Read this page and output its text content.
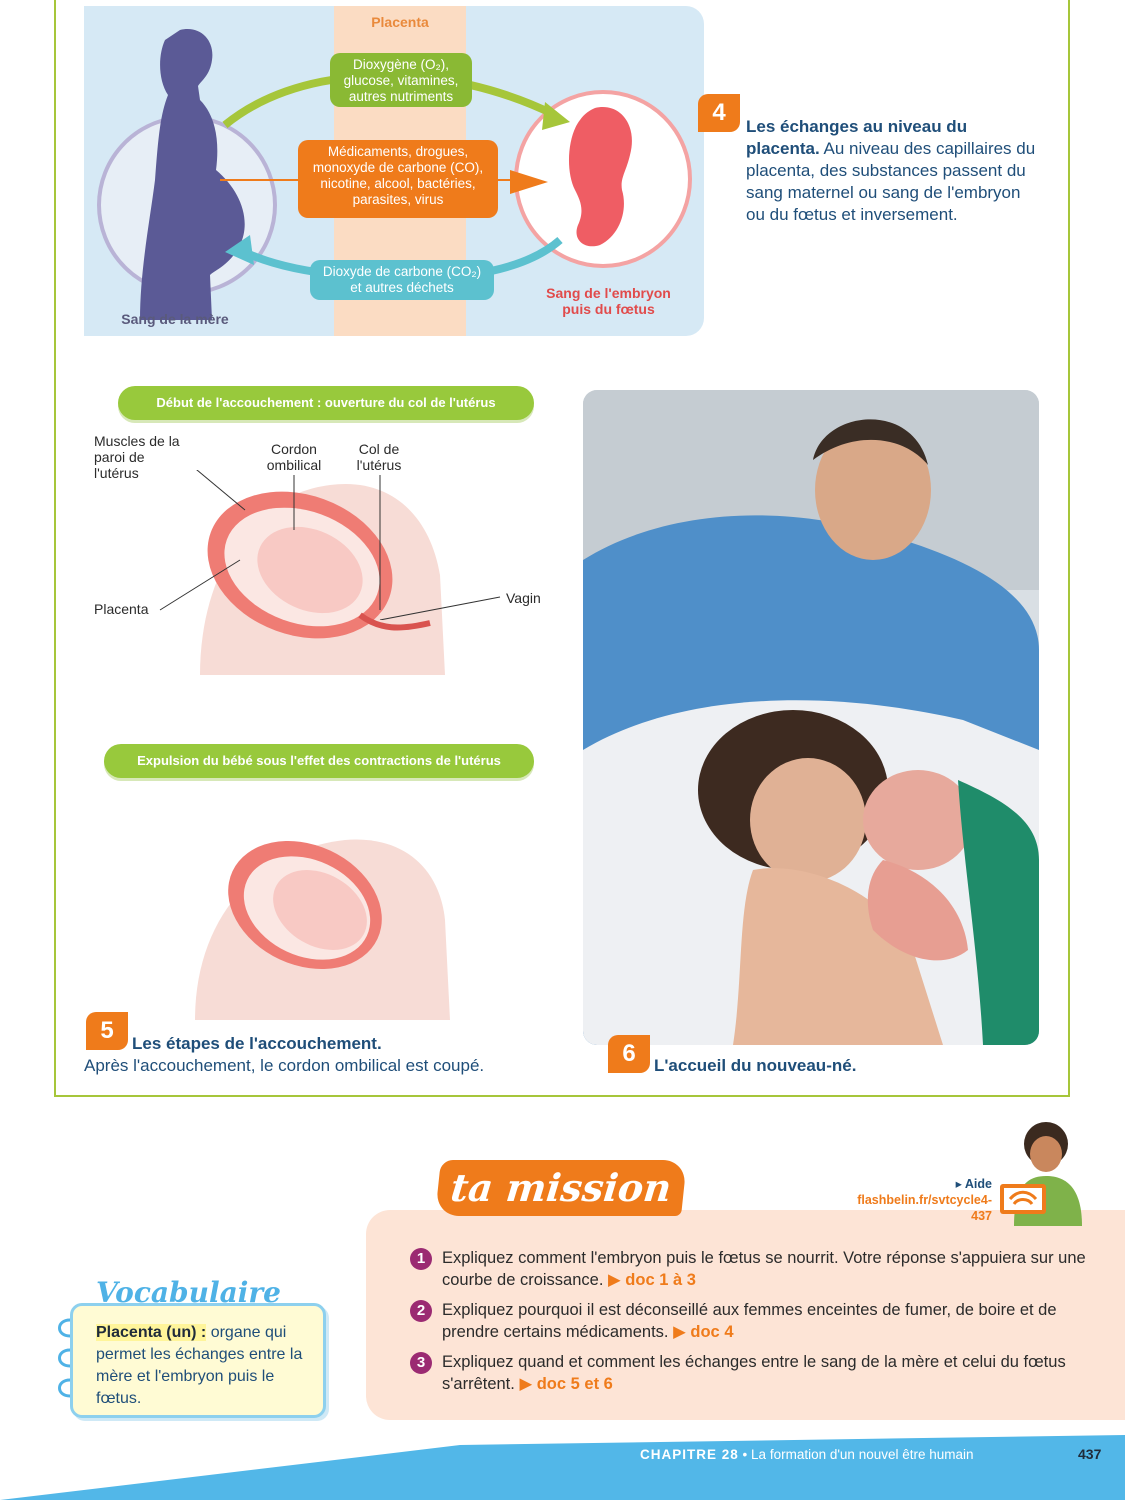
Placenta
Dioxygène (O₂), glucose, vitamines, autres nutriments
Médicaments, drogues, monoxyde de carbone (CO), nicotine, alcool, bactéries, parasites, virus
Dioxyde de carbone (CO₂) et autres déchets
Sang de la mère
Sang de l'embryon puis du fœtus
4
Les échanges au niveau du placenta. Au niveau des capillaires du placenta, des substances passent du sang maternel ou sang de l'embryon ou du fœtus et inversement.
Début de l'accouchement : ouverture du col de l'utérus
Muscles de la paroi de l'utérus
Cordon ombilical
Col de l'utérus
Placenta
Vagin
Expulsion du bébé sous l'effet des contractions de l'utérus
5	Les étapes de l'accouchement.
Après l'accouchement, le cordon ombilical est coupé.	6	L'accueil du nouveau-né.
ta mission	▸ Aide
flashbelin.fr/svtcycle4-437
1	Expliquez comment l'embryon puis le fœtus se nourrit. Votre réponse s'appuiera sur une courbe de croissance. ▶ doc 1 à 3
2	Expliquez pourquoi il est déconseillé aux femmes enceintes de fumer, de boire et de prendre certains médicaments. ▶ doc 4
3	Expliquez quand et comment les échanges entre le sang de la mère et celui du fœtus s'arrêtent. ▶ doc 5 et 6
Vocabulaire
Placenta (un) : organe qui permet les échanges entre la mère et l'embryon puis le fœtus.
CHAPITRE 28 • La formation d'un nouvel être humain	437
